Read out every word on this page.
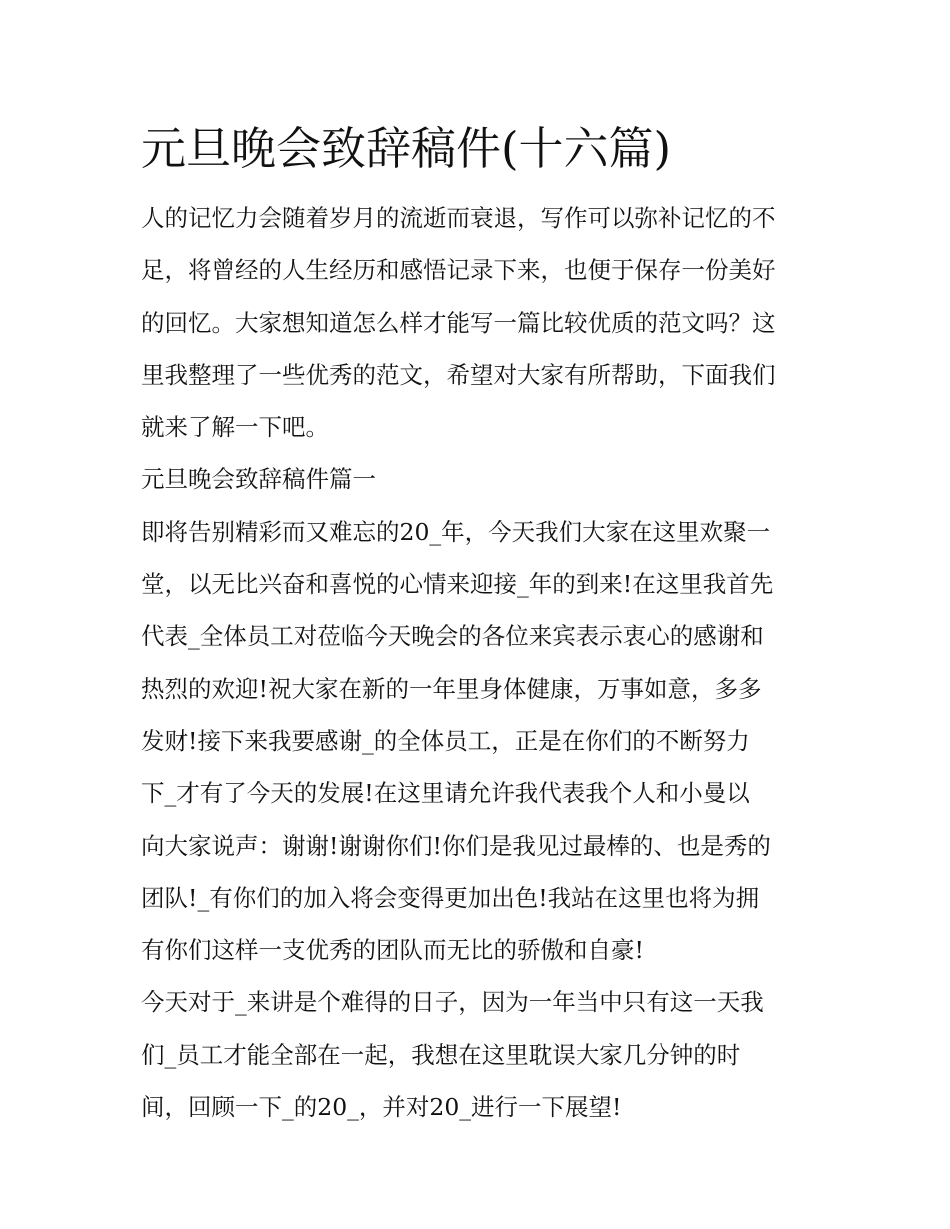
元旦晚会致辞稿件(十六篇)

人的记忆力会随着岁月的流逝而衰退，写作可以弥补记忆的不
足，将曾经的人生经历和感悟记录下来，也便于保存一份美好
的回忆。大家想知道怎么样才能写一篇比较优质的范文吗？这
里我整理了一些优秀的范文，希望对大家有所帮助，下面我们
就来了解一下吧。

元旦晚会致辞稿件篇一

即将告别精彩而又难忘的20_年，今天我们大家在这里欢聚一
堂，以无比兴奋和喜悦的心情来迎接_年的到来!在这里我首先
代表_全体员工对莅临今天晚会的各位来宾表示衷心的感谢和
热烈的欢迎!祝大家在新的一年里身体健康，万事如意，多多
发财!接下来我要感谢_的全体员工，正是在你们的不断努力
下_才有了今天的发展!在这里请允许我代表我个人和小曼以
向大家说声：谢谢!谢谢你们!你们是我见过最棒的、也是秀的
团队!_有你们的加入将会变得更加出色!我站在这里也将为拥
有你们这样一支优秀的团队而无比的骄傲和自豪!

今天对于_来讲是个难得的日子，因为一年当中只有这一天我
们_员工才能全部在一起，我想在这里耽误大家几分钟的时
间，回顾一下_的20_，并对20_进行一下展望!
